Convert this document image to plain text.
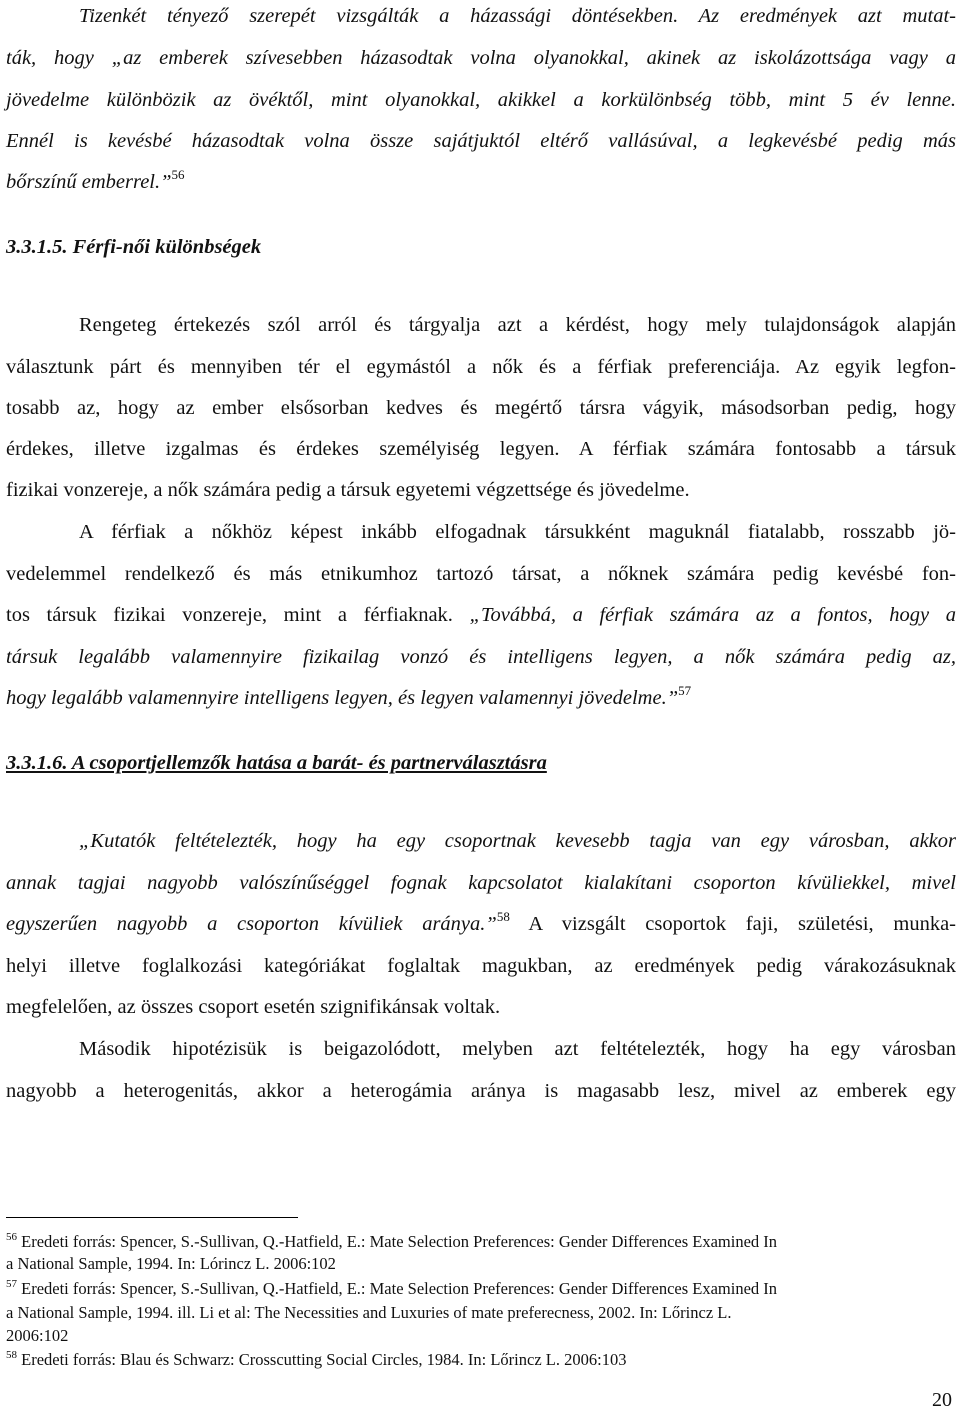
Tizenkét tényező szerepét vizsgálták a házassági döntésekben. Az eredmények azt mutat-
ták, hogy „az emberek szívesebben házasodtak volna olyanokkal, akinek az iskolázottsága vagy a
jövedelme különbözik az övéktől, mint olyanokkal, akikkel a korkülönbség több, mint 5 év lenne.
Ennél is kevésbé házasodtak volna össze sajátjuktól eltérő vallásúval, a legkevésbé pedig más
bőrszínű emberrel.”$^{56}$
3.3.1.5. Férfi-női különbségek
Rengeteg értekezés szól arról és tárgyalja azt a kérdést, hogy mely tulajdonságok alapján
választunk párt és mennyiben tér el egymástól a nők és a férfiak preferenciája. Az egyik legfon-
tosabb az, hogy az ember elsősorban kedves és megértő társra vágyik, másodsorban pedig, hogy
érdekes, illetve izgalmas és érdekes személyiség legyen. A férfiak számára fontosabb a társuk
fizikai vonzereje, a nők számára pedig a társuk egyetemi végzettsége és jövedelme.
A férfiak a nőkhöz képest inkább elfogadnak társukként maguknál fiatalabb, rosszabb jö-
vedelemmel rendelkező és más etnikumhoz tartozó társat, a nőknek számára pedig kevésbé fon-
tos társuk fizikai vonzereje, mint a férfiaknak. „Továbbá, a férfiak számára az a fontos, hogy a
társuk legalább valamennyire fizikailag vonzó és intelligens legyen, a nők számára pedig az,
hogy legalább valamennyire intelligens legyen, és legyen valamennyi jövedelme.”$^{57}$
3.3.1.6. A csoportjellemzők hatása a barát- és partnerválasztásra
„Kutatók feltételezték, hogy ha egy csoportnak kevesebb tagja van egy városban, akkor
annak tagjai nagyobb valószínűséggel fognak kapcsolatot kialakítani csoporton kívüliekkel, mivel
egyszerűen nagyobb a csoporton kívüliek aránya.”$^{58}$ A vizsgált csoportok faji, születési, munka-
helyi illetve foglalkozási kategóriákat foglaltak magukban, az eredmények pedig várakozásuknak
megfelelően, az összes csoport esetén szignifikánsak voltak.
Második hipotézisük is beigazolódott, melyben azt feltételezték, hogy ha egy városban
nagyobb a heterogenitás, akkor a heterogámia aránya is magasabb lesz, mivel az emberek egy
$^{56}$ Eredeti forrás: Spencer, S.-Sullivan, Q.-Hatfield, E.: Mate Selection Preferences: Gender Differences Examined In
a National Sample, 1994. In: Lórincz L. 2006:102
$^{57}$ Eredeti forrás: Spencer, S.-Sullivan, Q.-Hatfield, E.: Mate Selection Preferences: Gender Differences Examined In
a National Sample, 1994. ill. Li et al: The Necessities and Luxuries of mate preferecness, 2002. In: Lőrincz L.
2006:102
$^{58}$ Eredeti forrás: Blau és Schwarz: Crosscutting Social Circles, 1984. In: Lőrincz L. 2006:103
20
